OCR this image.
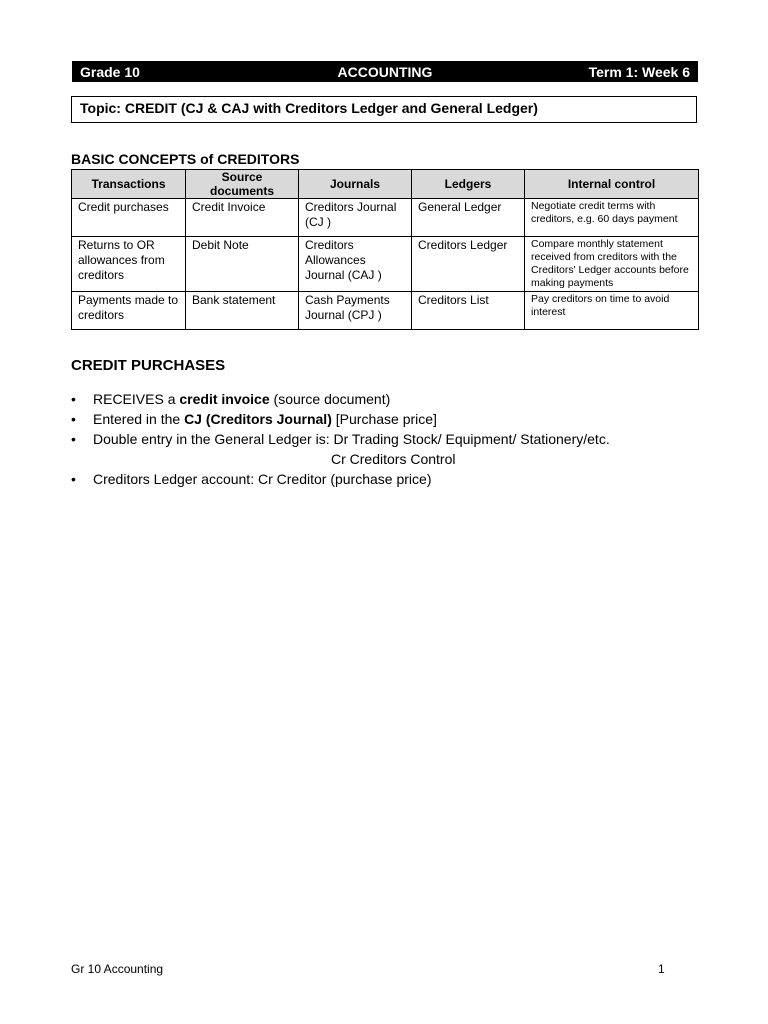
Grade 10	ACCOUNTING	Term 1: Week 6
Topic: CREDIT (CJ & CAJ with Creditors Ledger and General Ledger)
BASIC CONCEPTS of CREDITORS
Transactions	Source documents	Journals	Ledgers	Internal control
Credit purchases	Credit Invoice	Creditors Journal (CJ )	General Ledger	Negotiate credit terms with creditors, e.g. 60 days payment
Returns to OR allowances from creditors	Debit Note	Creditors Allowances Journal (CAJ )	Creditors Ledger	Compare monthly statement received from creditors with the Creditors' Ledger accounts before making payments
Payments made to creditors	Bank statement	Cash Payments Journal (CPJ )	Creditors List	Pay creditors on time to avoid interest
CREDIT PURCHASES
• RECEIVES a credit invoice (source document)
• Entered in the CJ (Creditors Journal) [Purchase price]
• Double entry in the General Ledger is: Dr Trading Stock/ Equipment/ Stationery/etc.
Cr Creditors Control
• Creditors Ledger account: Cr Creditor (purchase price)
Gr 10 Accounting	1
